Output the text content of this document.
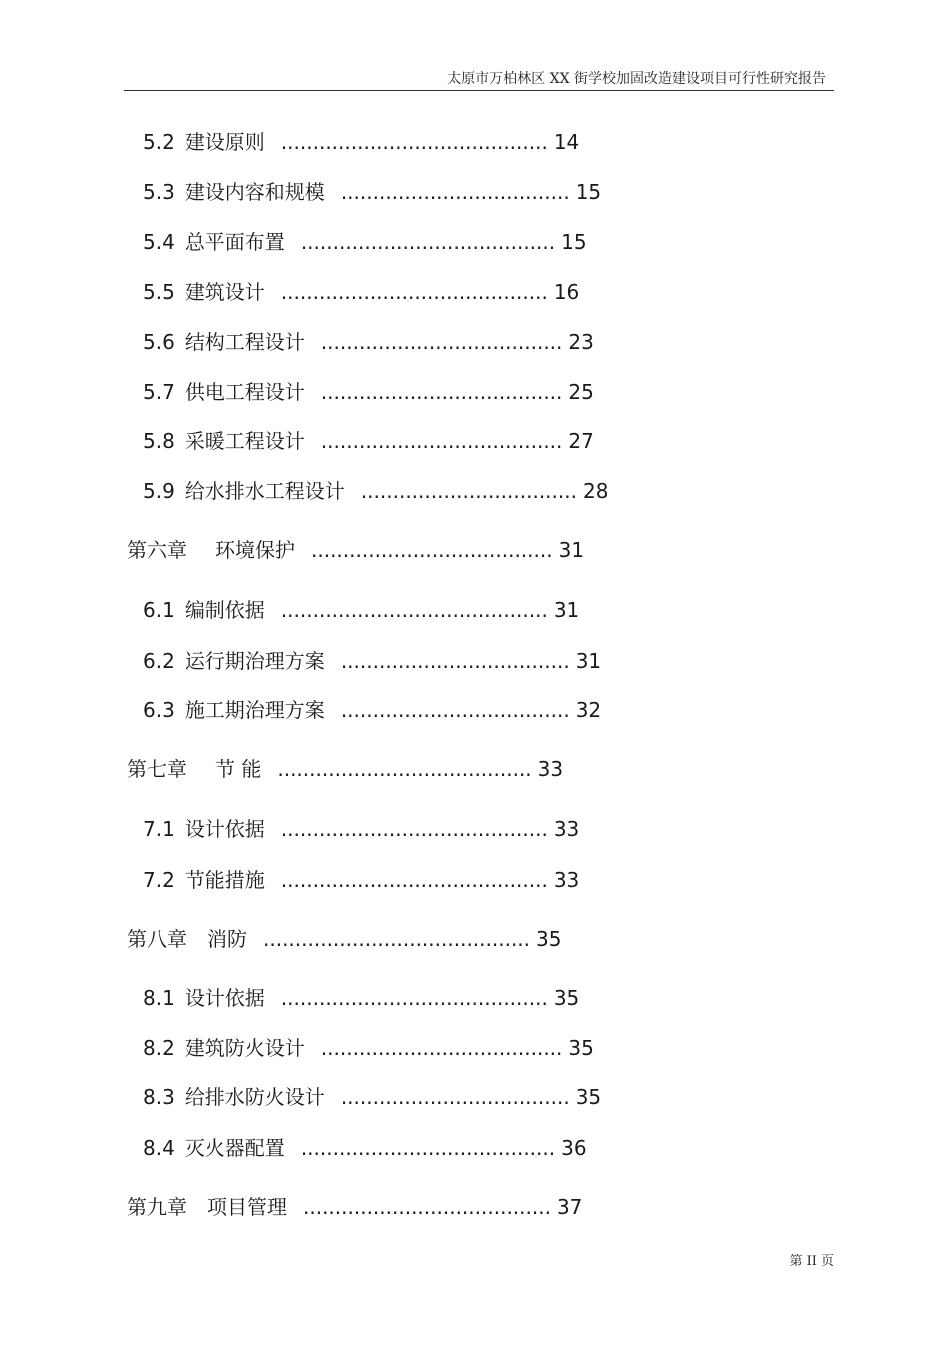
太原市万柏林区 XX 街学校加固改造建设项目可行性研究报告
5.2 建设原则 .......................................... 14
5.3 建设内容和规模 .................................... 15
5.4 总平面布置 ........................................ 15
5.5 建筑设计 .......................................... 16
5.6 结构工程设计 ...................................... 23
5.7 供电工程设计 ...................................... 25
5.8 采暖工程设计 ...................................... 27
5.9 给水排水工程设计 .................................. 28
第六章 环境保护 ...................................... 31
6.1 编制依据 .......................................... 31
6.2 运行期治理方案 .................................... 31
6.3 施工期治理方案 .................................... 32
第七章 节 能 ........................................ 33
7.1 设计依据 .......................................... 33
7.2 节能措施 .......................................... 33
第八章 消防 .......................................... 35
8.1 设计依据 .......................................... 35
8.2 建筑防火设计 ...................................... 35
8.3 给排水防火设计 .................................... 35
8.4 灭火器配置 ........................................ 36
第九章 项目管理 ....................................... 37
第 II 页
